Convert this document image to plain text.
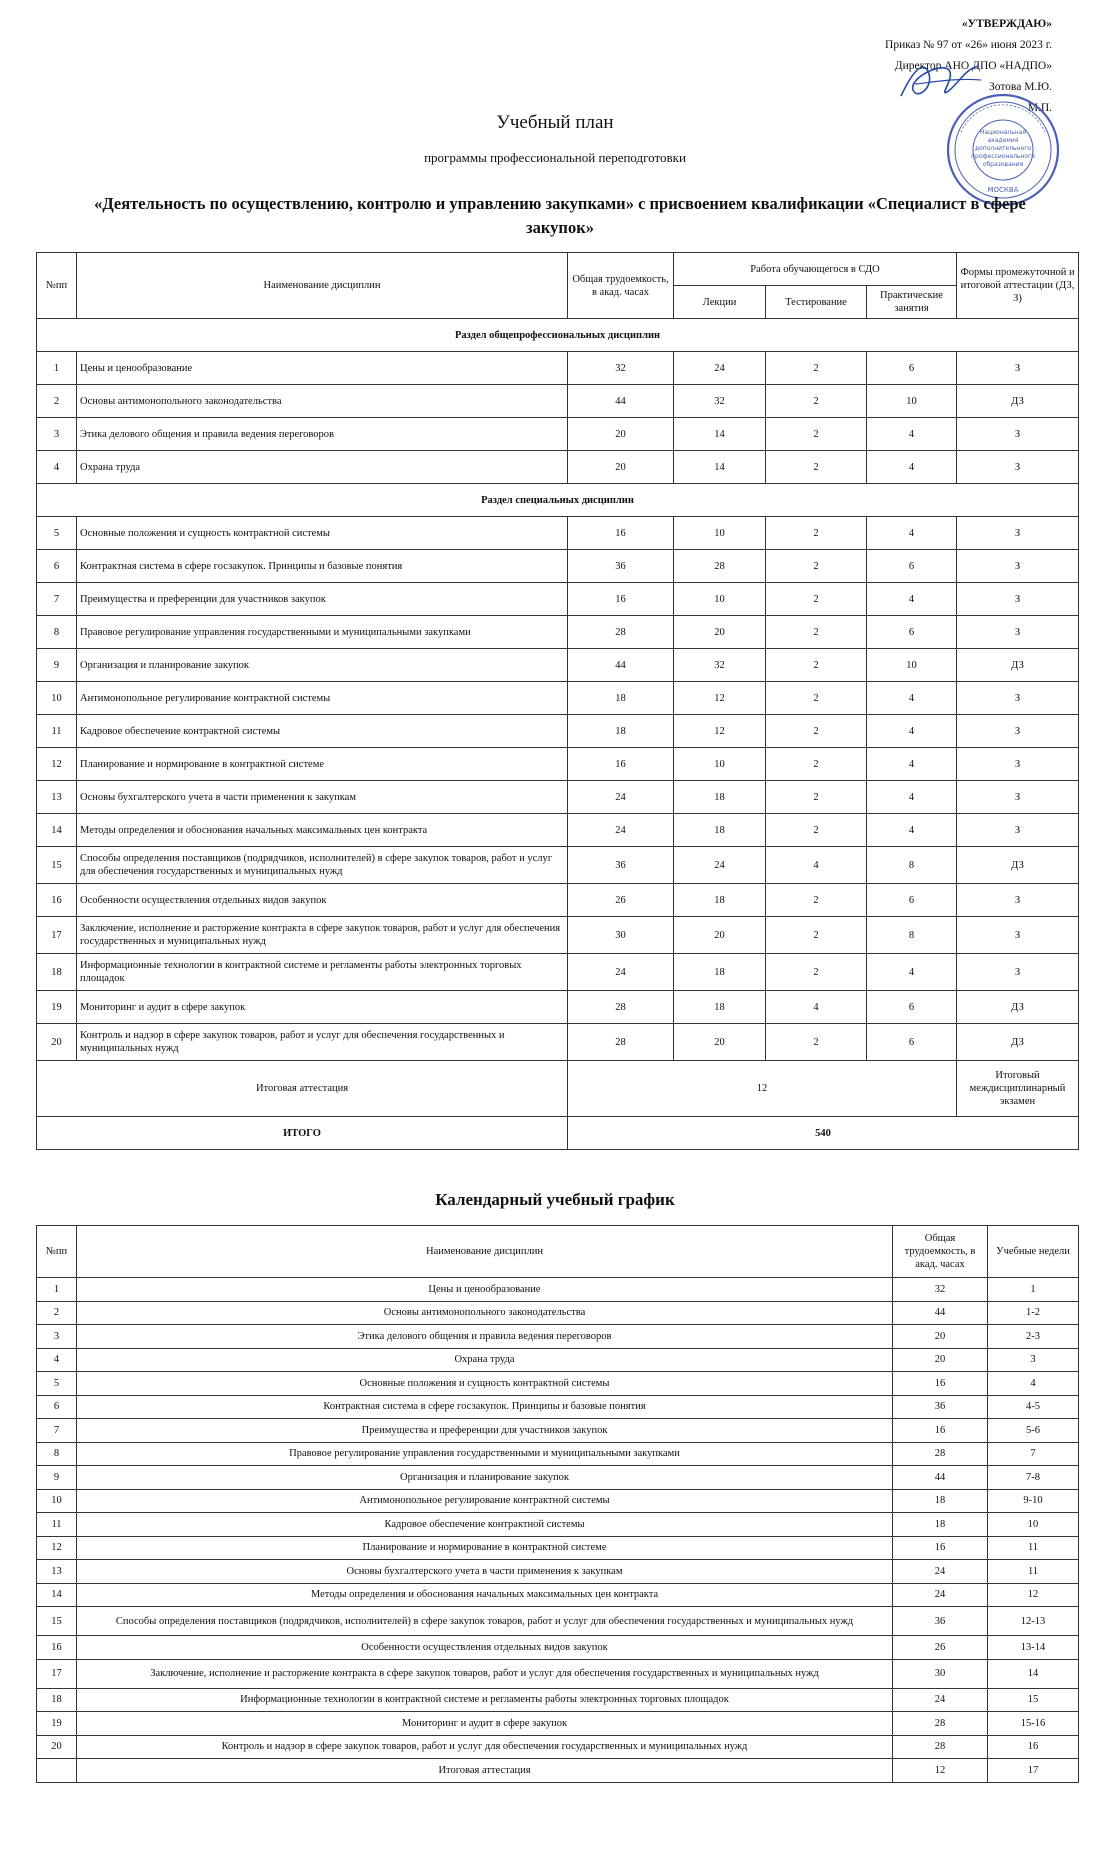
«УТВЕРЖДАЮ»
Приказ № 97 от «26» июня 2023 г.
Директор АНО ДПО «НАДПО»
Зотова М.Ю.
М.П.
Национальная
академия
дополнительного
профессионального
образования
МОСКВА
Учебный план
программы профессиональной переподготовки
«Деятельность по осуществлению, контролю и управлению закупками» с присвоением квалификации «Специалист в сфере закупок»
№пп	Наименование дисциплин	Общая трудоемкость, в акад. часах	Работа обучающегося в СДО			Формы промежуточной и итоговой аттестации (ДЗ, З)
			Лекции	Тестирование	Практические занятия	
Раздел общепрофессиональных дисциплин						
1	Цены и ценообразование	32	24	2	6	З
2	Основы антимонопольного законодательства	44	32	2	10	ДЗ
3	Этика делового общения и правила ведения переговоров	20	14	2	4	З
4	Охрана труда	20	14	2	4	З
Раздел специальных дисциплин						
5	Основные положения и сущность контрактной системы	16	10	2	4	З
6	Контрактная система в сфере госзакупок. Принципы и базовые понятия	36	28	2	6	З
7	Преимущества и преференции для участников закупок	16	10	2	4	З
8	Правовое регулирование управления государственными и муниципальными закупками	28	20	2	6	З
9	Организация и планирование закупок	44	32	2	10	ДЗ
10	Антимонопольное регулирование контрактной системы	18	12	2	4	З
11	Кадровое обеспечение контрактной системы	18	12	2	4	З
12	Планирование и нормирование в контрактной системе	16	10	2	4	З
13	Основы бухгалтерского учета в части применения к закупкам	24	18	2	4	З
14	Методы определения и обоснования начальных максимальных цен контракта	24	18	2	4	З
15	Способы определения поставщиков (подрядчиков, исполнителей) в сфере закупок товаров, работ и услуг для обеспечения государственных и муниципальных нужд	36	24	4	8	ДЗ
16	Особенности осуществления отдельных видов закупок	26	18	2	6	З
17	Заключение, исполнение и расторжение контракта в сфере закупок товаров, работ и услуг для обеспечения государственных и муниципальных нужд	30	20	2	8	З
18	Информационные технологии в контрактной системе и регламенты работы электронных торговых площадок	24	18	2	4	З
19	Мониторинг и аудит в сфере закупок	28	18	4	6	ДЗ
20	Контроль и надзор в сфере закупок товаров, работ и услуг для обеспечения государственных и муниципальных нужд	28	20	2	6	ДЗ
Итоговая аттестация		12				Итоговый междисциплинарный экзамен
ИТОГО		540				
Календарный учебный график
№пп	Наименование дисциплин	Общая трудоемкость, в акад. часах	Учебные недели
1	Цены и ценообразование	32	1
2	Основы антимонопольного законодательства	44	1-2
3	Этика делового общения и правила ведения переговоров	20	2-3
4	Охрана труда	20	3
5	Основные положения и сущность контрактной системы	16	4
6	Контрактная система в сфере госзакупок. Принципы и базовые понятия	36	4-5
7	Преимущества и преференции для участников закупок	16	5-6
8	Правовое регулирование управления государственными и муниципальными закупками	28	7
9	Организация и планирование закупок	44	7-8
10	Антимонопольное регулирование контрактной системы	18	9-10
11	Кадровое обеспечение контрактной системы	18	10
12	Планирование и нормирование в контрактной системе	16	11
13	Основы бухгалтерского учета в части применения к закупкам	24	11
14	Методы определения и обоснования начальных максимальных цен контракта	24	12
15	Способы определения поставщиков (подрядчиков, исполнителей) в сфере закупок товаров, работ и услуг для обеспечения государственных и муниципальных нужд	36	12-13
16	Особенности осуществления отдельных видов закупок	26	13-14
17	Заключение, исполнение и расторжение контракта в сфере закупок товаров, работ и услуг для обеспечения государственных и муниципальных нужд	30	14
18	Информационные технологии в контрактной системе и регламенты работы электронных торговых площадок	24	15
19	Мониторинг и аудит в сфере закупок	28	15-16
20	Контроль и надзор в сфере закупок товаров, работ и услуг для обеспечения государственных и муниципальных нужд	28	16
	Итоговая аттестация	12	17
